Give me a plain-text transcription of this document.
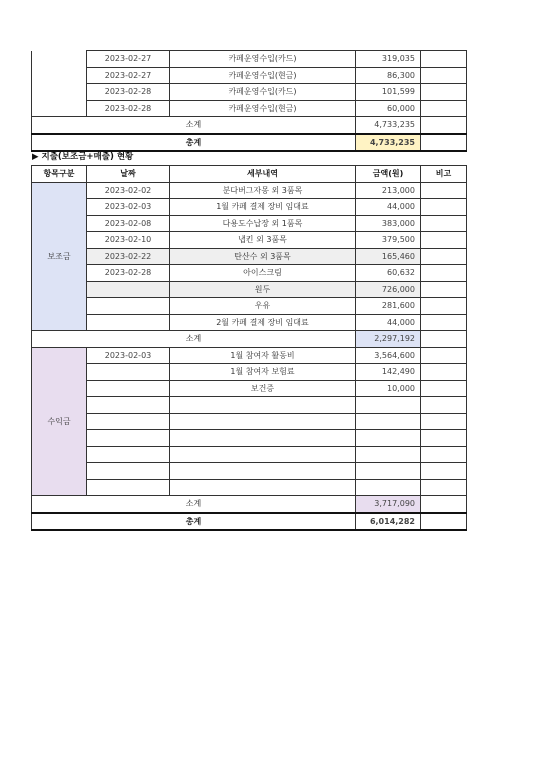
	2023-02-27	카페운영수입(카드)	319,035	
	2023-02-27	카페운영수입(현금)	86,300	
	2023-02-28	카페운영수입(카드)	101,599	
	2023-02-28	카페운영수입(현금)	60,000	
소계			4,733,235	
총계			4,733,235	
▶ 지출(보조금+매출) 현황
항목구분	날짜	세부내역	금액(원)	비고
보조금	2023-02-02	분다버그자몽 외 3품목	213,000	
	2023-02-03	1월 카페 결제 장비 임대료	44,000	
	2023-02-08	다용도수납장 외 1품목	383,000	
	2023-02-10	냅킨 외 3품목	379,500	
	2023-02-22	탄산수 외 3품목	165,460	
	2023-02-28	아이스크림	60,632	
		원두	726,000	
		우유	281,600	
		2월 카페 결제 장비 임대료	44,000	
소계			2,297,192	
수익금	2023-02-03	1월 참여자 활동비	3,564,600	
		1월 참여자 보험료	142,490	
		보건증	10,000	

소계			3,717,090	
총계			6,014,282	
